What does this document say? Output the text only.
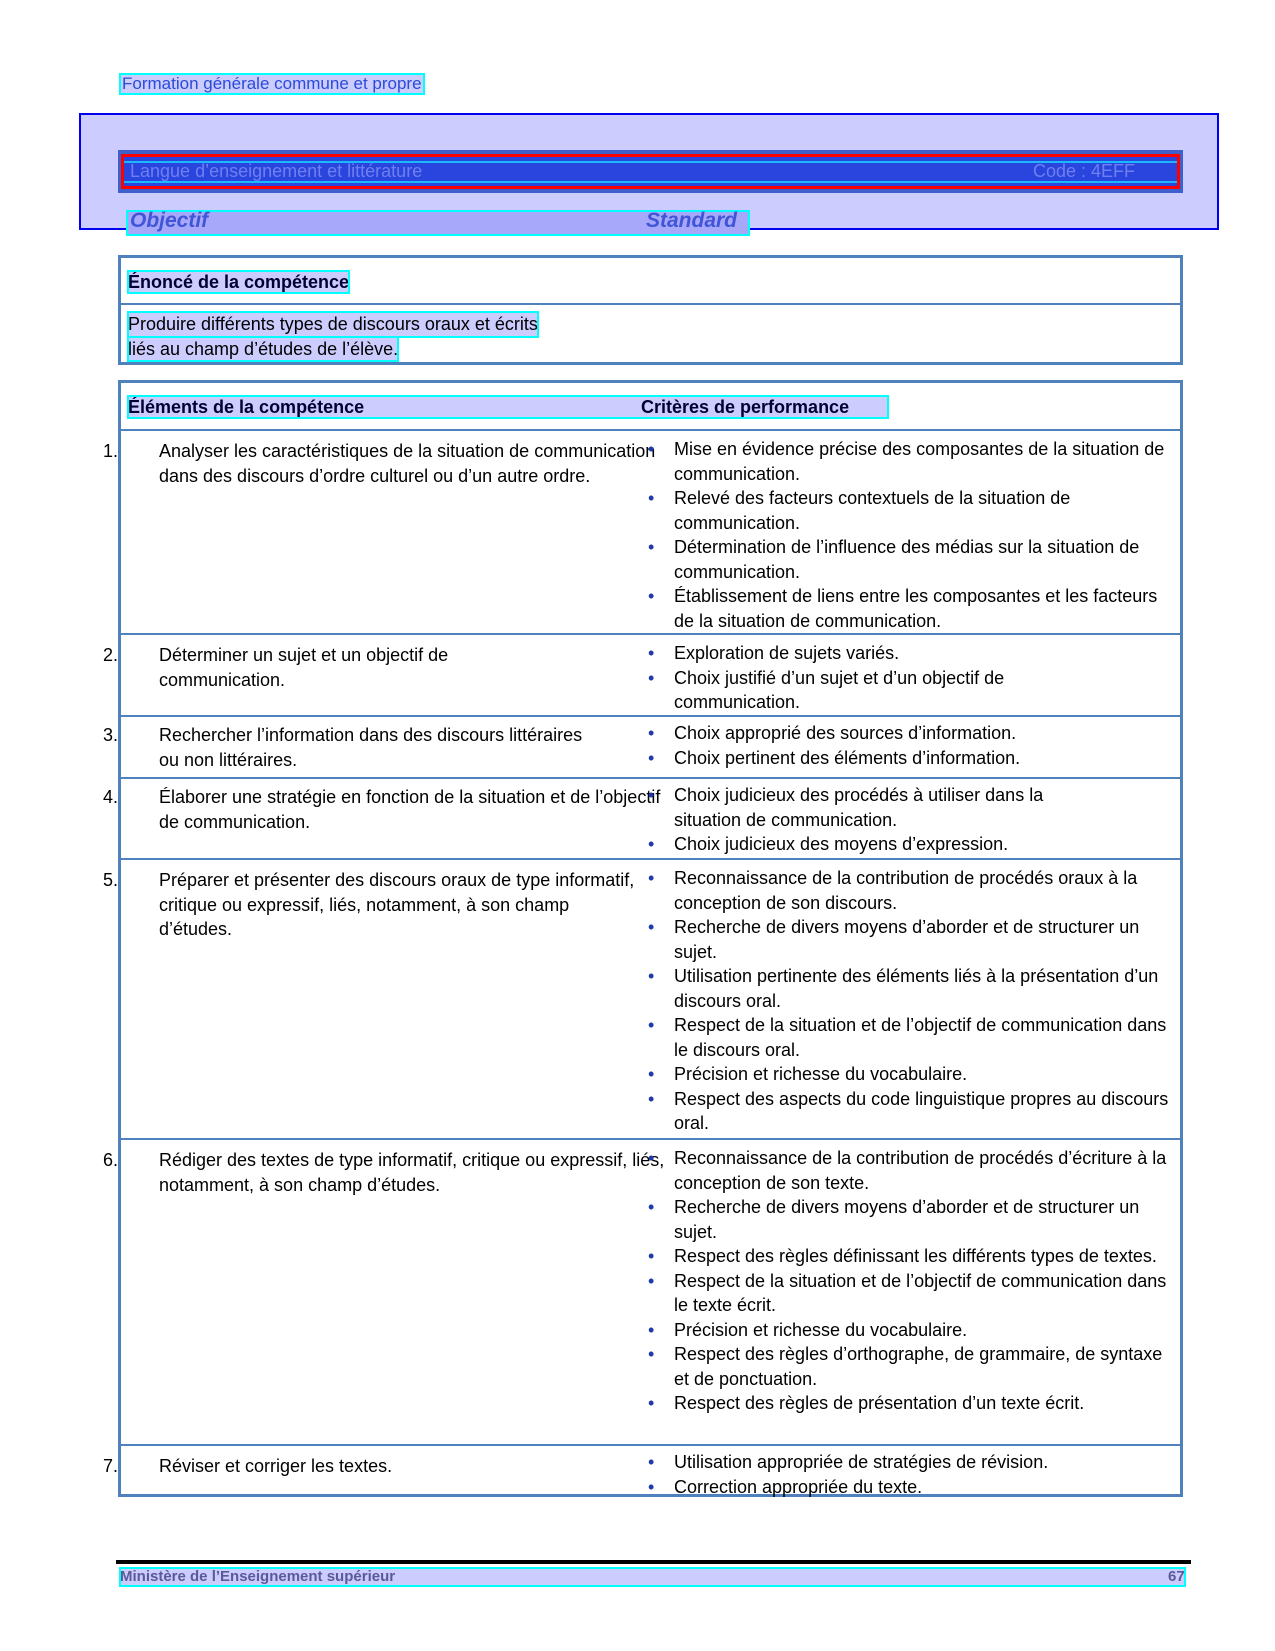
Formation générale commune et propre
Langue d’enseignement et littérature	Code : 4EFF
Objectif	Standard
Énoncé de la compétence
Produire différents types de discours oraux et écrits
liés au champ d’études de l’élève.
Éléments de la compétence	Critères de performance
1. Analyser les caractéristiques de la situation de communication dans des discours d’ordre culturel ou d’un autre ordre.
• Mise en évidence précise des composantes de la situation de communication.
• Relevé des facteurs contextuels de la situation de communication.
• Détermination de l’influence des médias sur la situation de communication.
• Établissement de liens entre les composantes et les facteurs de la situation de communication.
2. Déterminer un sujet et un objectif de communication.
• Exploration de sujets variés.
• Choix justifié d’un sujet et d’un objectif de communication.
3. Rechercher l’information dans des discours littéraires ou non littéraires.
• Choix approprié des sources d’information.
• Choix pertinent des éléments d’information.
4. Élaborer une stratégie en fonction de la situation et de l’objectif de communication.
• Choix judicieux des procédés à utiliser dans la situation de communication.
• Choix judicieux des moyens d’expression.
5. Préparer et présenter des discours oraux de type informatif, critique ou expressif, liés, notamment, à son champ d’études.
• Reconnaissance de la contribution de procédés oraux à la conception de son discours.
• Recherche de divers moyens d’aborder et de structurer un sujet.
• Utilisation pertinente des éléments liés à la présentation d’un discours oral.
• Respect de la situation et de l’objectif de communication dans le discours oral.
• Précision et richesse du vocabulaire.
• Respect des aspects du code linguistique propres au discours oral.
6. Rédiger des textes de type informatif, critique ou expressif, liés, notamment, à son champ d’études.
• Reconnaissance de la contribution de procédés d’écriture à la conception de son texte.
• Recherche de divers moyens d’aborder et de structurer un sujet.
• Respect des règles définissant les différents types de textes.
• Respect de la situation et de l’objectif de communication dans le texte écrit.
• Précision et richesse du vocabulaire.
• Respect des règles d’orthographe, de grammaire, de syntaxe et de ponctuation.
• Respect des règles de présentation d’un texte écrit.
7. Réviser et corriger les textes.	• Utilisation appropriée de stratégies de révision.
• Correction appropriée du texte.
Ministère de l’Enseignement supérieur	67
